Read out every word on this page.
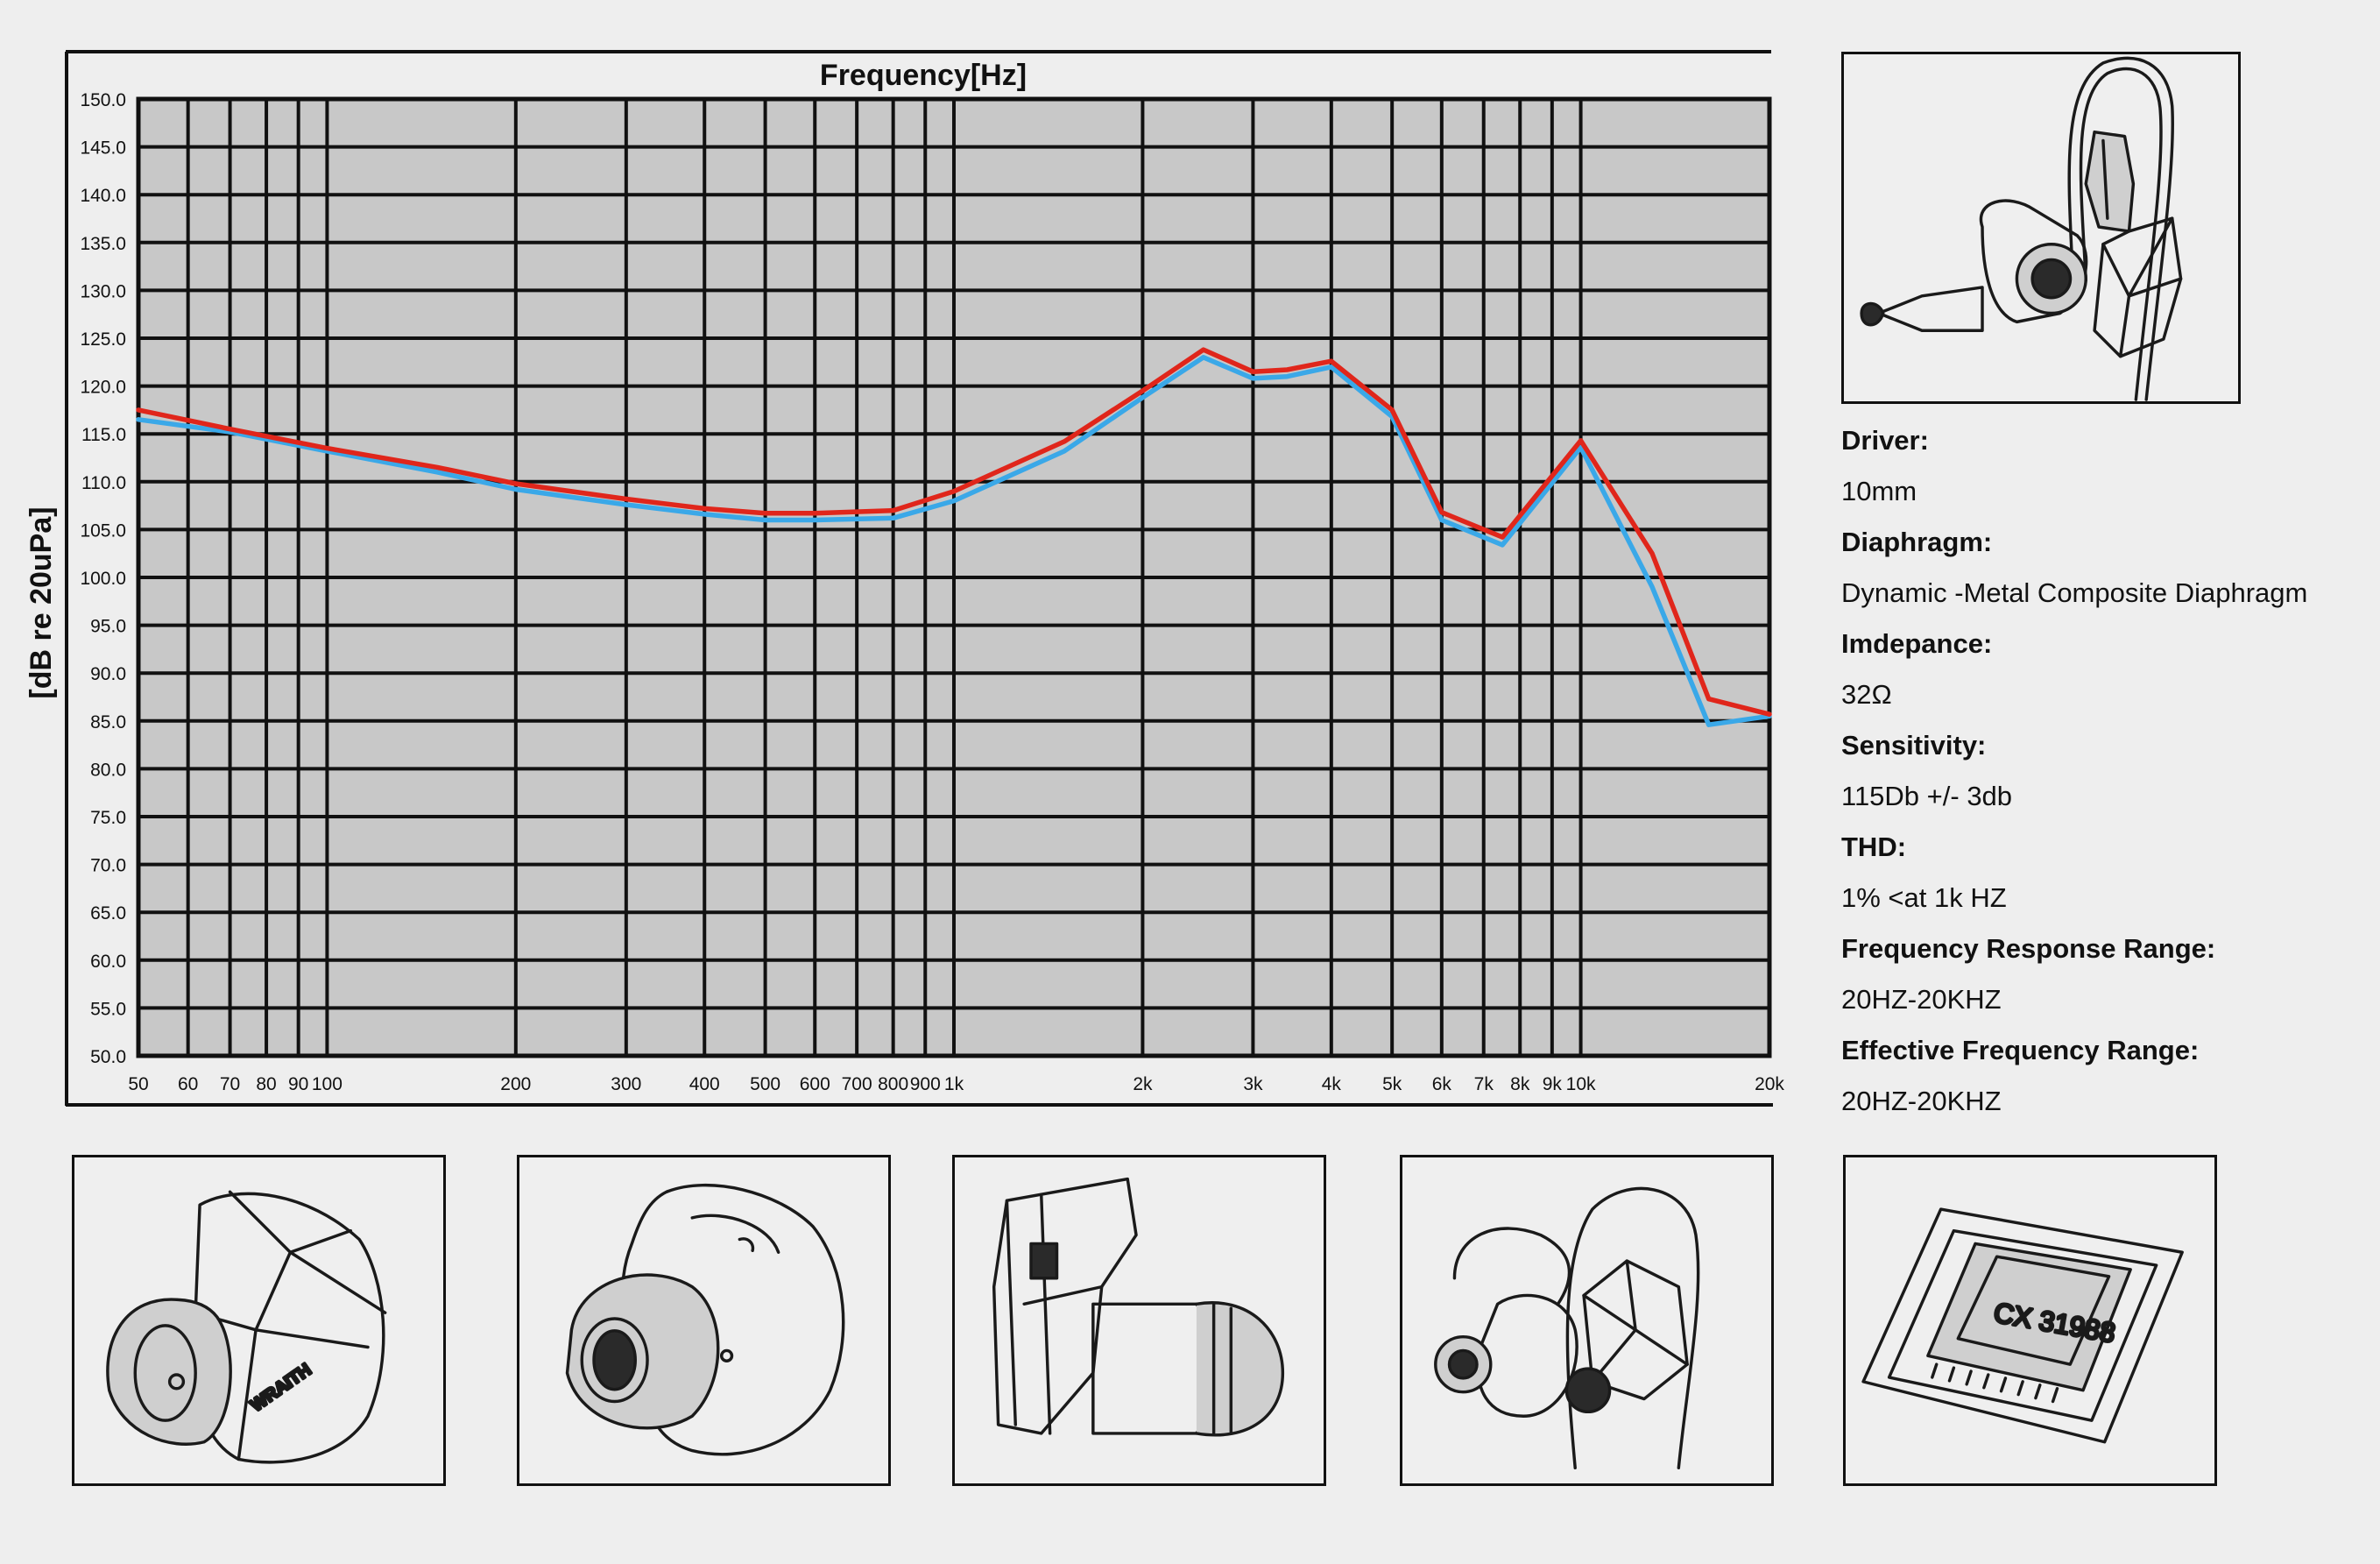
50.0
55.0
60.0
65.0
70.0
75.0
80.0
85.0
90.0
95.0
100.0
105.0
110.0
115.0
120.0
125.0
130.0
135.0
140.0
145.0
150.0
50 60 70 80 90 100	200	300	400 500 600 700 800 900 1k	2k	3k	4k 5k 6k 7k 8k 9k 10k	20k
Frequency[Hz]
[dB re 20uPa]
Driver:
10mm
Diaphragm:
Dynamic -Metal Composite Diaphragm
Imdepance:
32Ω
Sensitivity:
115Db +/- 3db
THD:
1% <at 1k HZ
Frequency Response Range:
20HZ-20KHZ
Effective Frequency Range:
20HZ-20KHZ
WRAITH
CX 31988
